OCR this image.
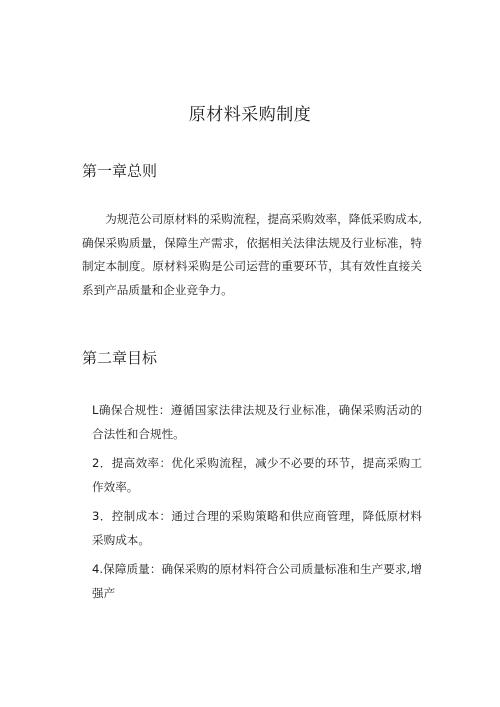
原材料采购制度
第一章总则
为规范公司原材料的采购流程，提高采购效率，降低采购成本,确保采购质量，保障生产需求，依据相关法律法规及行业标准，特制定本制度。原材料采购是公司运营的重要环节，其有效性直接关系到产品质量和企业竞争力。
第二章目标
L确保合规性：遵循国家法律法规及行业标准，确保采购活动的合法性和合规性。
2．提高效率：优化采购流程，减少不必要的环节，提高采购工作效率。
3．控制成本：通过合理的采购策略和供应商管理，降低原材料采购成本。
4.保障质量：确保采购的原材料符合公司质量标准和生产要求,增强产
